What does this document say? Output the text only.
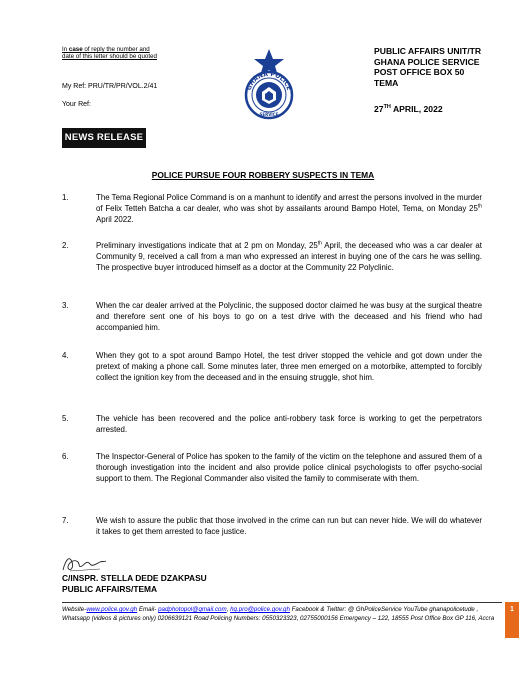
In case of reply the number and date of this letter should be quoted
My Ref: PRU/TR/PR/VOL.2/41
Your Ref:
GHANA POLICE
SERVICE
PUBLIC AFFAIRS UNIT/TR
GHANA POLICE SERVICE
POST OFFICE BOX 50
TEMA
27TH APRIL, 2022
NEWS RELEASE
POLICE PURSUE FOUR ROBBERY SUSPECTS IN TEMA
1.	The Tema Regional Police Command is on a manhunt to identify and arrest the persons involved in the murder of Felix Tetteh Batcha a car dealer, who was shot by assailants around Bampo Hotel, Tema, on Monday 25th April 2022.
2.	Preliminary investigations indicate that at 2 pm on Monday, 25th April, the deceased who was a car dealer at Community 9, received a call from a man who expressed an interest in buying one of the cars he was selling. The prospective buyer introduced himself as a doctor at the Community 22 Polyclinic.
3.	When the car dealer arrived at the Polyclinic, the supposed doctor claimed he was busy at the surgical theatre and therefore sent one of his boys to go on a test drive with the deceased and his friend who had accompanied him.
4.	When they got to a spot around Bampo Hotel, the test driver stopped the vehicle and got down under the pretext of making a phone call. Some minutes later, three men emerged on a motorbike, attempted to forcibly collect the ignition key from the deceased and in the ensuing struggle, shot him.
5.	The vehicle has been recovered and the police anti-robbery task force is working to get the perpetrators arrested.
6.	The Inspector-General of Police has spoken to the family of the victim on the telephone and assured them of a thorough investigation into the incident and also provide police clinical psychologists to offer psycho-social support to them. The Regional Commander also visited the family to commiserate with them.
7.	We wish to assure the public that those involved in the crime can run but can never hide. We will do whatever it takes to get them arrested to face justice.
C/INSPR. STELLA DEDE DZAKPASU
PUBLIC AFFAIRS/TEMA
Website-www.police.gov.gh Email- padphotopol@gmail.com, hq.pro@police.gov.gh Facebook & Twitter: @ GhPoliceService YouTube ghanapolicetude , Whatsapp (videos & pictures only) 0206639121 Road Policing Numbers: 0550323323, 02755000156 Emergency – 122, 18555 Post Office Box GP 116, Accra
1
